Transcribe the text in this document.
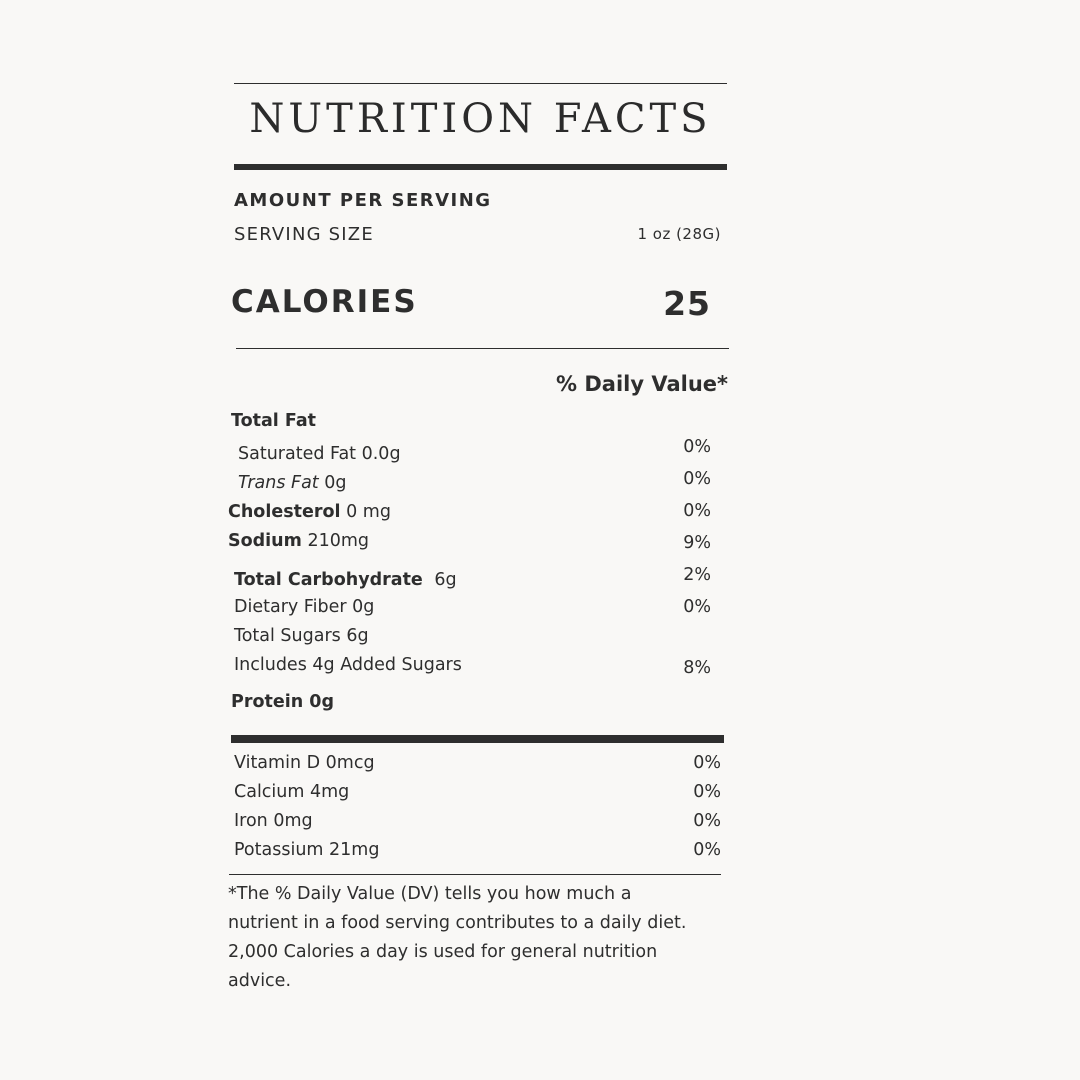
NUTRITION FACTS
AMOUNT PER SERVING
SERVING SIZE	1 oz (28G)
CALORIES	25
% Daily Value*
Total Fat
Saturated Fat 0.0g	0%
Trans Fat 0g	0%
Cholesterol 0 mg	0%
Sodium 210mg	9%
Total Carbohydrate 6g	2%
Dietary Fiber 0g	0%
Total Sugars 6g
Includes 4g Added Sugars	8%
Protein 0g
Vitamin D 0mcg	0%
Calcium 4mg	0%
Iron 0mg	0%
Potassium 21mg	0%
*The % Daily Value (DV) tells you how much a nutrient in a food serving contributes to a daily diet. 2,000 Calories a day is used for general nutrition advice.
